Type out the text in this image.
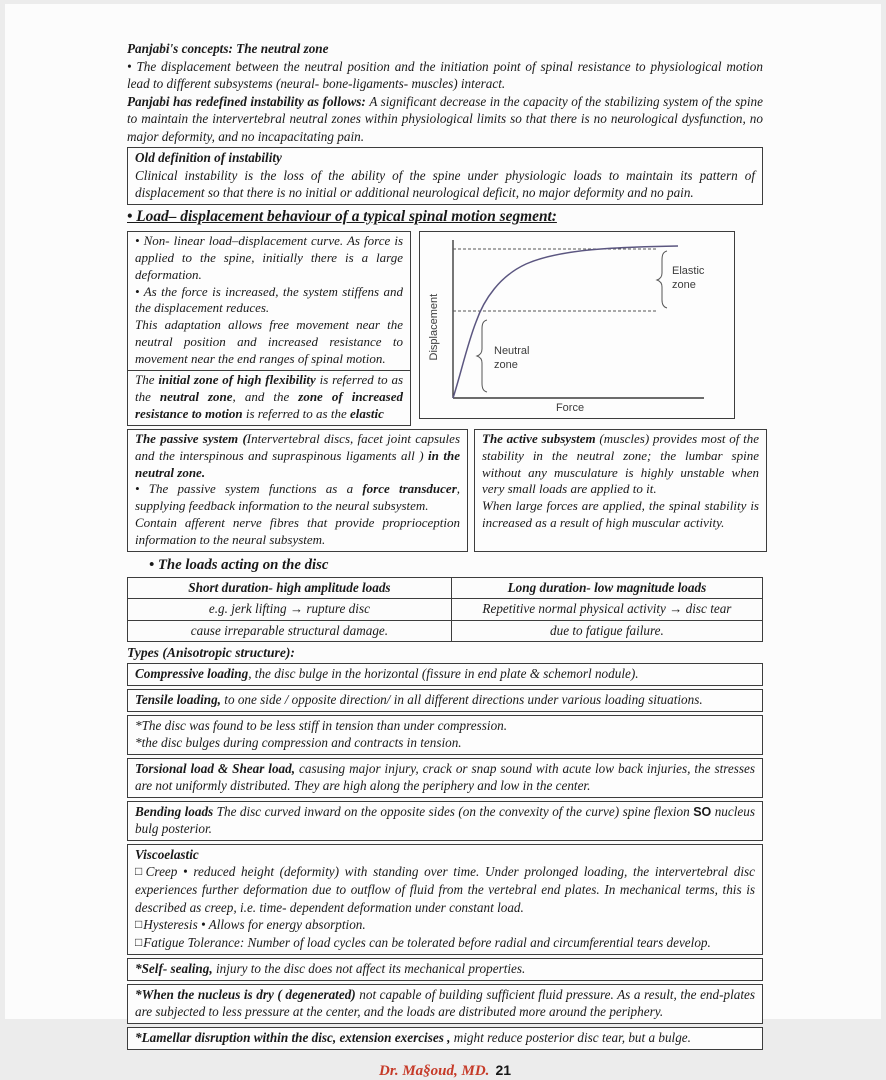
Panjabi's concepts: The neutral zone
• The displacement between the neutral position and the initiation point of spinal resistance to physiological motion lead to different subsystems (neural- bone-ligaments- muscles) interact.
Panjabi has redefined instability as follows: A significant decrease in the capacity of the stabilizing system of the spine to maintain the intervertebral neutral zones within physiological limits so that there is no neurological dysfunction, no major deformity, and no incapacitating pain.
Old definition of instability
Clinical instability is the loss of the ability of the spine under physiologic loads to maintain its pattern of displacement so that there is no initial or additional neurological deficit, no major deformity and no pain.
• Load– displacement behaviour of a typical spinal motion segment:
• Non- linear load–displacement curve. As force is applied to the spine, initially there is a large deformation.
• As the force is increased, the system stiffens and the displacement reduces.
This adaptation allows free movement near the neutral position and increased resistance to movement near the end ranges of spinal motion.
The initial zone of high flexibility is referred to as the neutral zone, and the zone of increased resistance to motion is referred to as the elastic
Displacement
Force
Neutral zone
Elastic zone
The passive system (Intervertebral discs, facet joint capsules and the interspinous and supraspinous ligaments all ) in the neutral zone.
• The passive system functions as a force transducer, supplying feedback information to the neural subsystem.
Contain afferent nerve fibres that provide proprioception information to the neural subsystem.
The active subsystem (muscles) provides most of the stability in the neutral zone; the lumbar spine without any musculature is highly unstable when very small loads are applied to it.
When large forces are applied, the spinal stability is increased as a result of high muscular activity.
• The loads acting on the disc
Short duration- high amplitude loads	Long duration- low magnitude loads
e.g. jerk lifting → rupture disc	Repetitive normal physical activity → disc tear
cause irreparable structural damage.	due to fatigue failure.
Types (Anisotropic structure):
Compressive loading, the disc bulge in the horizontal (fissure in end plate & schemorl nodule).
Tensile loading, to one side / opposite direction/ in all different directions under various loading situations.
*The disc was found to be less stiff in tension than under compression.
*the disc bulges during compression and contracts in tension.
Torsional load & Shear load, casusing major injury, crack or snap sound with acute low back injuries, the stresses are not uniformly distributed. They are high along the periphery and low in the center.
Bending loads The disc curved inward on the opposite sides (on the convexity of the curve) spine flexion SO nucleus bulg posterior.
Viscoelastic
□Creep • reduced height (deformity) with standing over time. Under prolonged loading, the intervertebral disc experiences further deformation due to outflow of fluid from the vertebral end plates. In mechanical terms, this is described as creep, i.e. time- dependent deformation under constant load.
□Hysteresis • Allows for energy absorption.
□Fatigue Tolerance: Number of load cycles can be tolerated before radial and circumferential tears develop.
*Self- sealing, injury to the disc does not affect its mechanical properties.
*When the nucleus is dry ( degenerated) not capable of building sufficient fluid pressure. As a result, the end-plates are subjected to less pressure at the center, and the loads are distributed more around the periphery.
*Lamellar disruption within the disc, extension exercises , might reduce posterior disc tear, but a bulge.
Dr. Ma§oud, MD. 21
